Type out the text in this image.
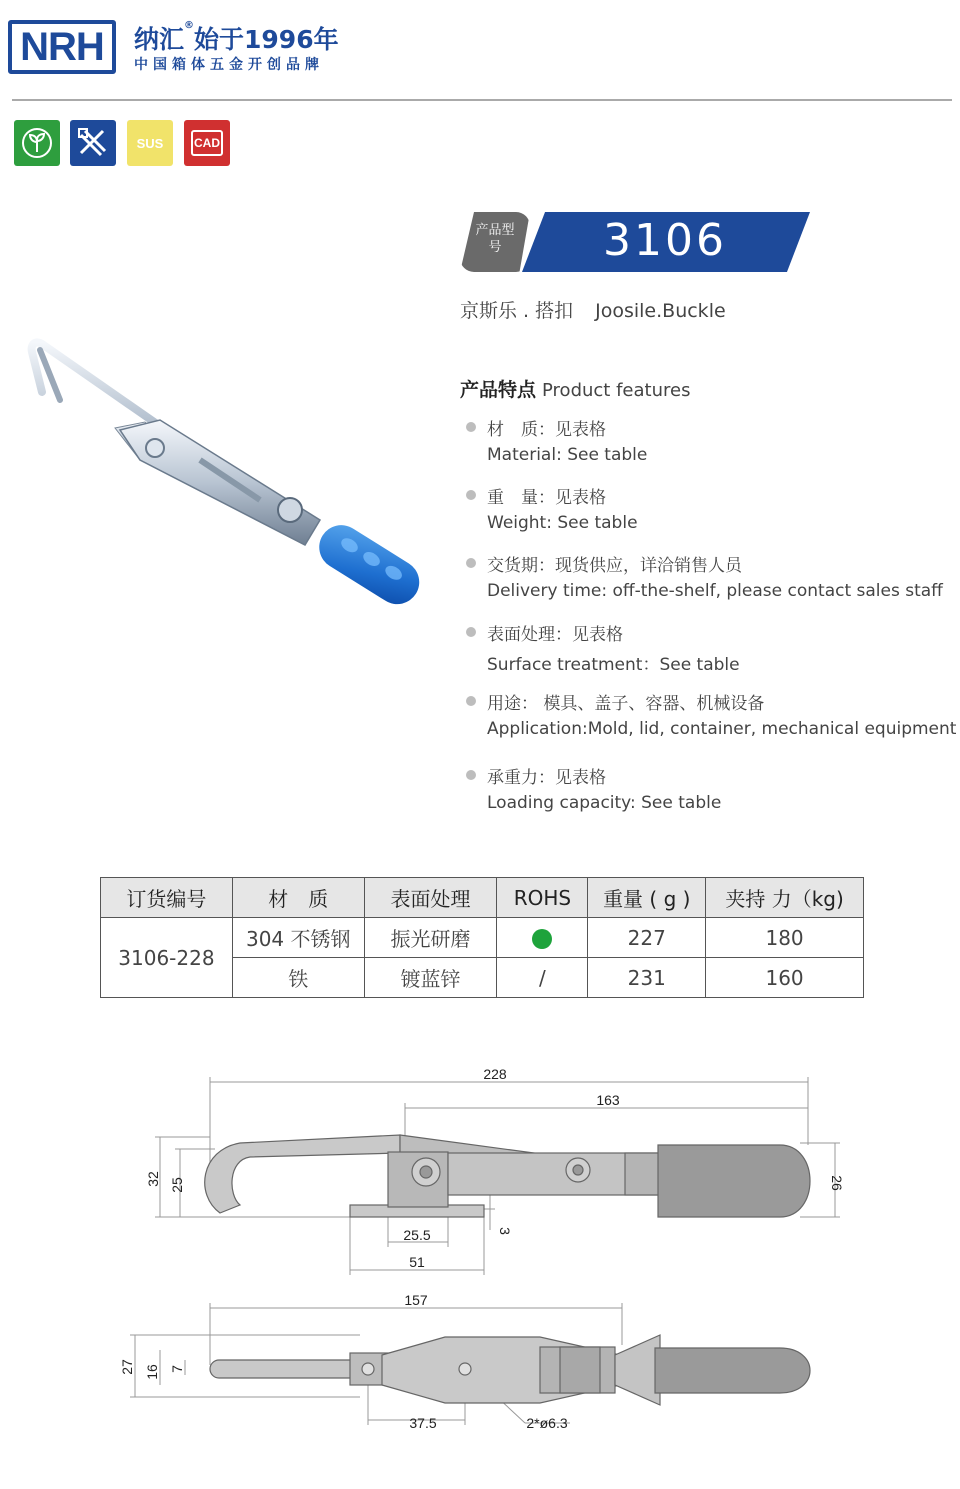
NRH 纳汇®始于1996年
中国箱体五金开创品牌
SUS	CAD
产品型号	3106
京斯乐 . 搭扣 Joosile.Buckle
产品特点 Product features
材　质：见表格
Material: See table
重　量：见表格
Weight: See table
交货期：现货供应，详洽销售人员
Delivery time: off-the-shelf, please contact sales staff
表面处理：见表格
Surface treatment：See table
用途： 模具、盖子、容器、机械设备
Application:Mold, lid, container, mechanical equipment
承重力：见表格
Loading capacity: See table
订货编号	材　质	表面处理	ROHS	重量 ( g )	夹持 力（kg)
3106-228	304 不锈钢	振光研磨		227	180
	铁	镀蓝锌	/	231	160
228
163
32 25	26
3
25.5
51
157
27 16 7
37.5	2*ø6.3
